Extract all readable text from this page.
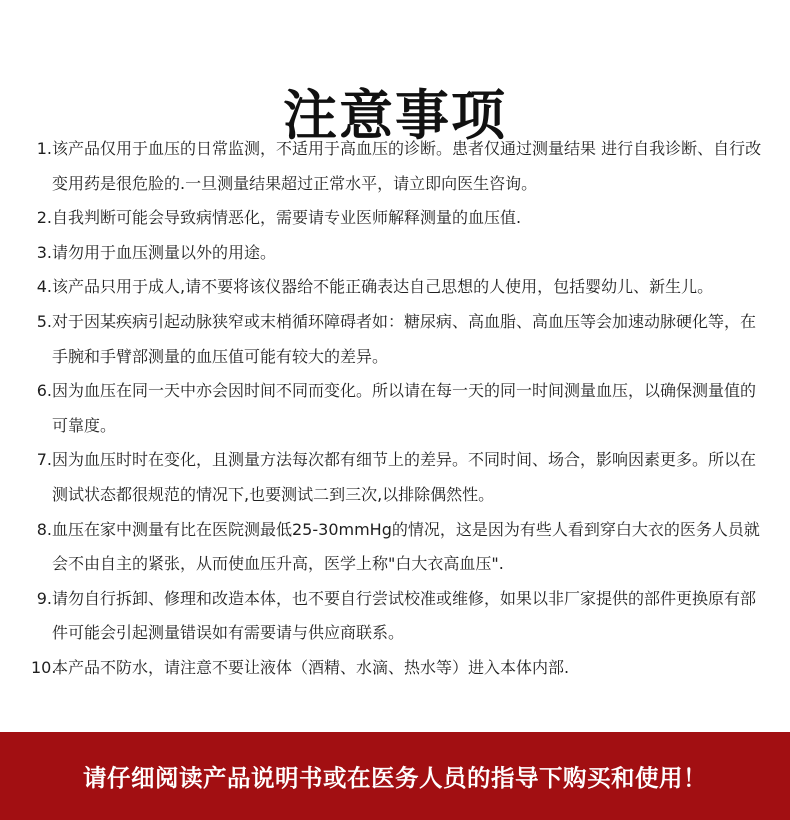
注意事项
1. 该产品仅用于血压的日常监测，不适用于高血压的诊断。患者仅通过测量结果 进行自我诊断、自行改变用药是很危脸的.一旦测量结果超过正常水平，请立即向医生咨询。
2. 自我判断可能会导致病情恶化，需要请专业医师解释测量的血压值.
3. 请勿用于血压测量以外的用途。
4. 该产品只用于成人,请不要将该仪器给不能正确表达自己思想的人使用，包括婴幼儿、新生儿。
5. 对于因某疾病引起动脉狭窄或末梢循环障碍者如：糖尿病、高血脂、高血压等会加速动脉硬化等，在手腕和手臂部测量的血压值可能有较大的差异。
6. 因为血压在同一天中亦会因时间不同而变化。所以请在每一天的同一时间测量血压，以确保测量值的可靠度。
7. 因为血压时时在变化，且测量方法每次都有细节上的差异。不同时间、场合，影响因素更多。所以在测试状态都很规范的情况下,也要测试二到三次,以排除偶然性。
8. 血压在家中测量有比在医院测最低25-30mmHg的情况，这是因为有些人看到穿白大衣的医务人员就会不由自主的紧张，从而使血压升高，医学上称"白大衣高血压".
9. 请勿自行拆卸、修理和改造本体，也不要自行尝试校准或维修，如果以非厂家提供的部件更换原有部件可能会引起测量错误如有需要请与供应商联系。
10.
本产品不防水，请注意不要让液体（酒精、水滴、热水等）进入本体内部.
请仔细阅读产品说明书或在医务人员的指导下购买和使用！
